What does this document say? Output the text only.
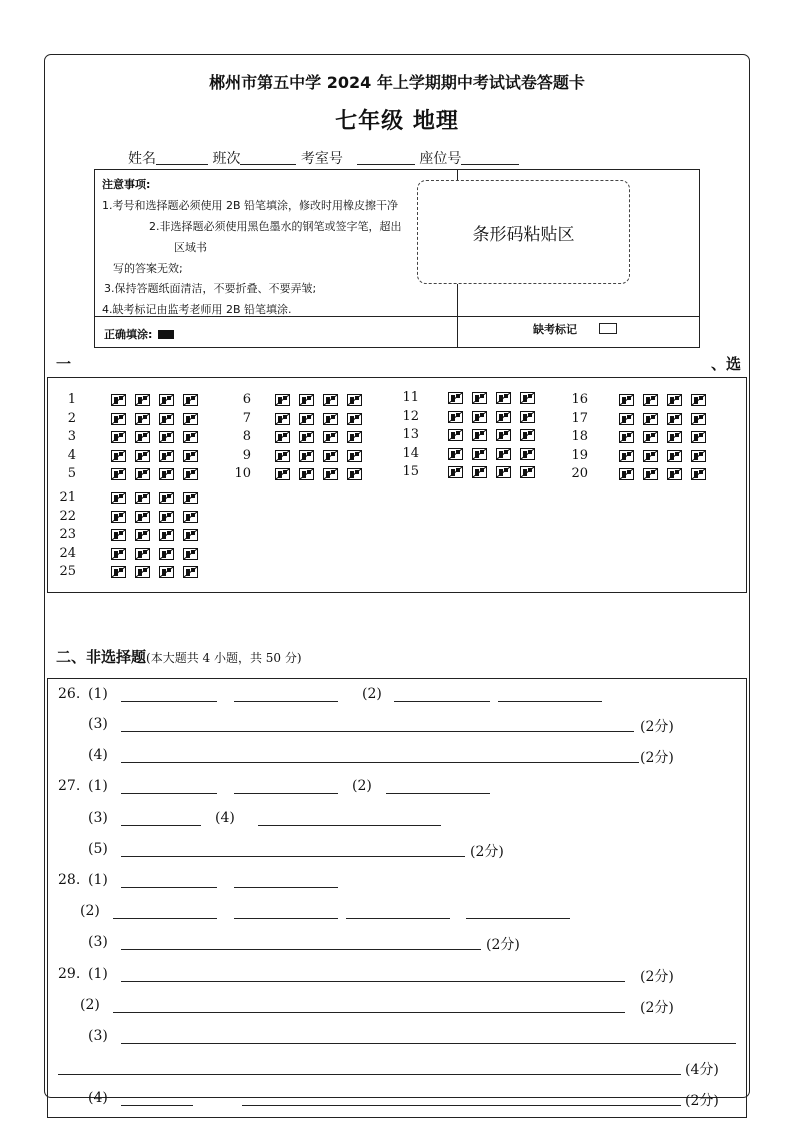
郴州市第五中学 2024 年上学期期中考试试卷答题卡
七年级 地理
姓名	班次	考室号	座位号
注意事项:
1.考号和选择题必须使用 2B 铅笔填涂，修改时用橡皮擦干净
2.非选择题必须使用黑色墨水的钢笔或签字笔，超出
区域书
写的答案无效;
3.保持答题纸面清洁，不要折叠、不要弄皱;
4.缺考标记由监考老师用 2B 铅笔填涂.
正确填涂:	缺考标记
条形码粘贴区
一	、选
1
2
3
4
5
6
7
8
9
10
11
12
13
14
15
16
17
18
19
20
21
22
23
24
25
二、非选择题(本大题共 4 小题，共 50 分)
26. (1)	(2)
(3)	(2分)
(4)	(2分)
27. (1)	(2)
(3)	(4)
(5)	(2分)
28. (1)
(2)
(3)	(2分)
29. (1)	(2分)
(2)	(2分)
(3)
(4分)
(4)	(2分)
